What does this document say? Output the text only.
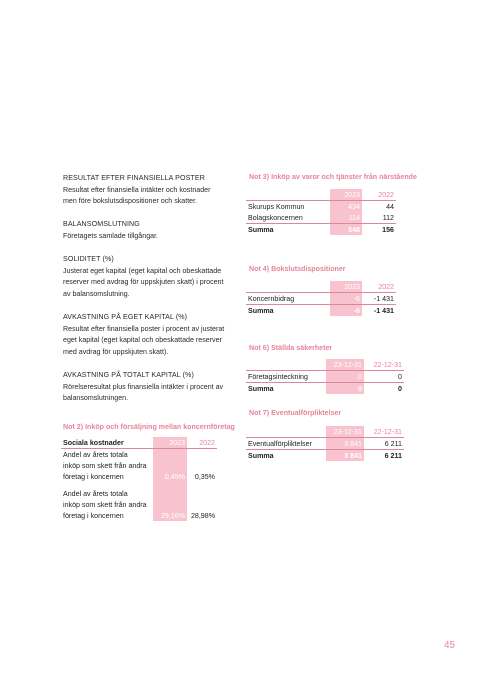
RESULTAT EFTER FINANSIELLA POSTER
Resultat efter finansiella intäkter och kostnader
men före bokslutsdispositioner och skatter.
BALANSOMSLUTNING
Företagets samlade tillgångar.
SOLIDITET (%)
Justerat eget kapital (eget kapital och obeskattade
reserver med avdrag för uppskjuten skatt) i procent
av balansomslutning.
AVKASTNING PÅ EGET KAPITAL (%)
Resultat efter finansiella poster i procent av justerat
eget kapital (eget kapital och obeskattade reserver
med avdrag för uppskjuten skatt).
AVKASTNING PÅ TOTALT KAPITAL (%)
Rörelseresultat plus finansiella intäkter i procent av
balansomslutningen.
Not 2) Inköp och försäljning mellan koncernföretag
Sociala kostnader	2023	2022
Andel av årets totala		
inköp som skett från andra		
företag i koncernen	0,45%	0,35%

Andel av årets totala		
inköp som skett från andra		
företag i koncernen	29,16%	28,98%
Not 3) Inköp av varor och tjänster från närstående
	2023	2022
Skurups Kommun	434	44
Bolagskoncernen	114	112
Summa	548	156
Not 4) Bokslutsdispositioner
	2023	2022
Koncernbidrag	-6	-1 431
Summa	-6	-1 431
Not 6) Ställda säkerheter
	23-12-31	22-12-31
Företagsinteckning	0	0
Summa	0	0
Not 7) Eventualförpliktelser
	23-12-31	22-12-31
Eventualförpliktelser	3 841	6 211
Summa	3 841	6 211
45
